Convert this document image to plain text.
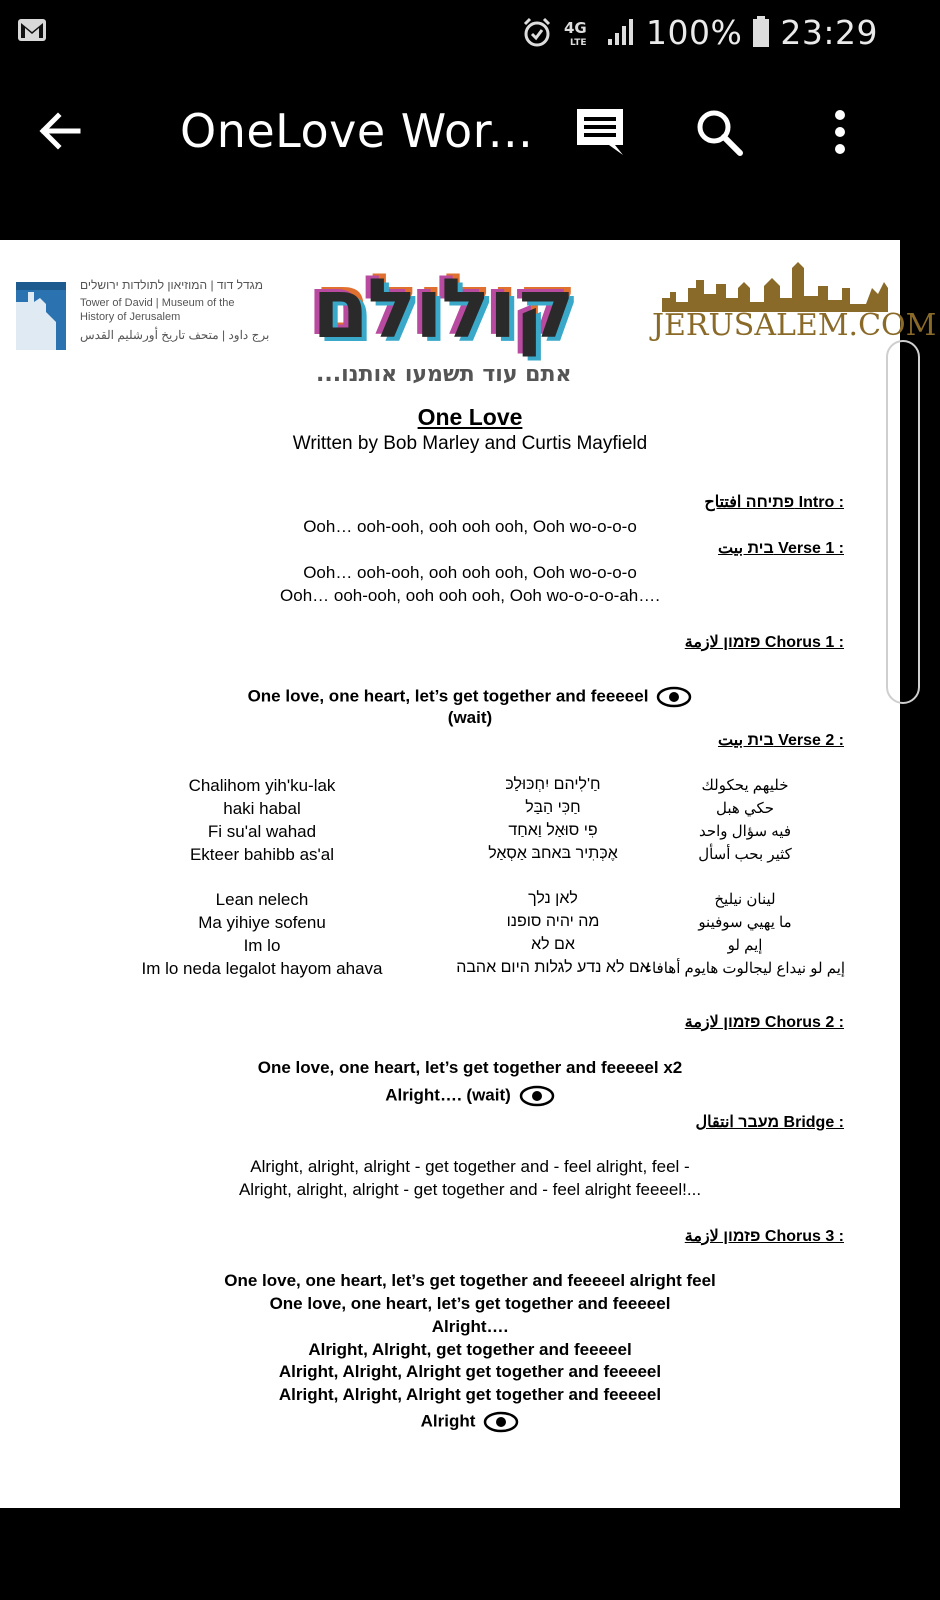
4G
LTE 100% 23:29
OneLove Wor...
מגדל דוד | המוזיאון לתולדות ירושלים
Tower of David | Museum of the
History of Jerusalem
برج داود | متحف تاريخ أورشليم القدس קולולם
אתם עוד תשמעו אותנו...
JERUSALEM.COM
One Love
Written by Bob Marley and Curtis Mayfield
פתיחה افتتاح Intro :
Ooh… ooh-ooh, ooh ooh ooh, Ooh wo-o-o-o
בית بيت Verse 1 :
Ooh… ooh-ooh, ooh ooh ooh, Ooh wo-o-o-o
Ooh… ooh-ooh, ooh ooh ooh, Ooh wo-o-o-o-ah….
פזמון لازمة Chorus 1 :
One love, one heart, let’s get together and feeeeel
(wait)
בית بيت Verse 2 :
Chalihom yih'ku-lak
haki habal
Fi su'al wahad
Ekteer bahibb as'al
Lean nelech
Ma yihiye sofenu
Im lo
Im lo neda legalot hayom ahava
חַ'לִיהם יִחְכּוּלַכּ
חַכִּי הַבַּל
פִי סוּאַל וַאחַד
אֶכְּתִיר בּאחבּ אַסְאַל
לאן נלך
מה יהיה סופנו
אם לא
אם לא נדע לגלות היום אהבה
خليهم يحكولك
حكي هبل
فيه سؤال واحد
كثير بحب أسأل
لينان نيليخ
ما يهيي سوفينو
إيم لو
إيم لو نيداع ليجالوت هايوم أهافاء
פזמון لازمة Chorus 2 :
One love, one heart, let’s get together and feeeeel x2
Alright…. (wait)
מעבר انتقال Bridge :
Alright, alright, alright - get together and - feel alright, feel -
Alright, alright, alright - get together and - feel alright feeeel!...
פזמון لازمة Chorus 3 :
One love, one heart, let’s get together and feeeeel alright feel
One love, one heart, let’s get together and feeeeel
Alright….
Alright, Alright, get together and feeeeel
Alright, Alright, Alright get together and feeeeel
Alright, Alright, Alright get together and feeeeel
Alright
